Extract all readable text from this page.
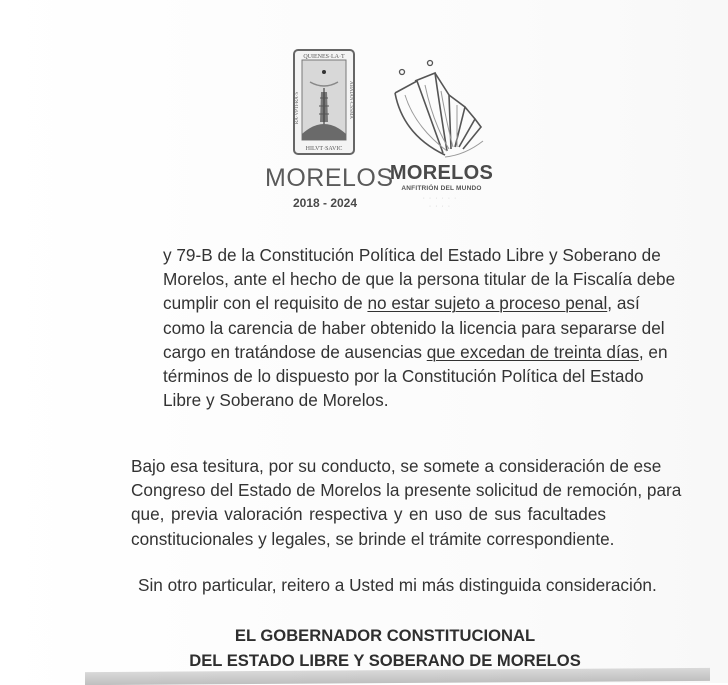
QUIENES·LA·T
HILVT·SAVIC
RA·VPTFRA·S	ABAIAN·CSSMA
MORELOS
2018 - 2024
MORELOS
ANFITRIÓN DEL MUNDO
· · · · · ·
· · · ·
y 79-B de la Constitución Política del Estado Libre y Soberano de
Morelos, ante el hecho de que la persona titular de la Fiscalía debe
cumplir con el requisito de no estar sujeto a proceso penal, así
como la carencia de haber obtenido la licencia para separarse del
cargo en tratándose de ausencias que excedan de treinta días, en
términos de lo dispuesto por la Constitución Política del Estado
Libre y Soberano de Morelos.
Bajo esa tesitura, por su conducto, se somete a consideración de ese
Congreso del Estado de Morelos la presente solicitud de remoción, para
que, previa valoración respectiva y en uso de sus facultades
constitucionales y legales, se brinde el trámite correspondiente.
Sin otro particular, reitero a Usted mi más distinguida consideración.
EL GOBERNADOR CONSTITUCIONAL
DEL ESTADO LIBRE Y SOBERANO DE MORELOS
